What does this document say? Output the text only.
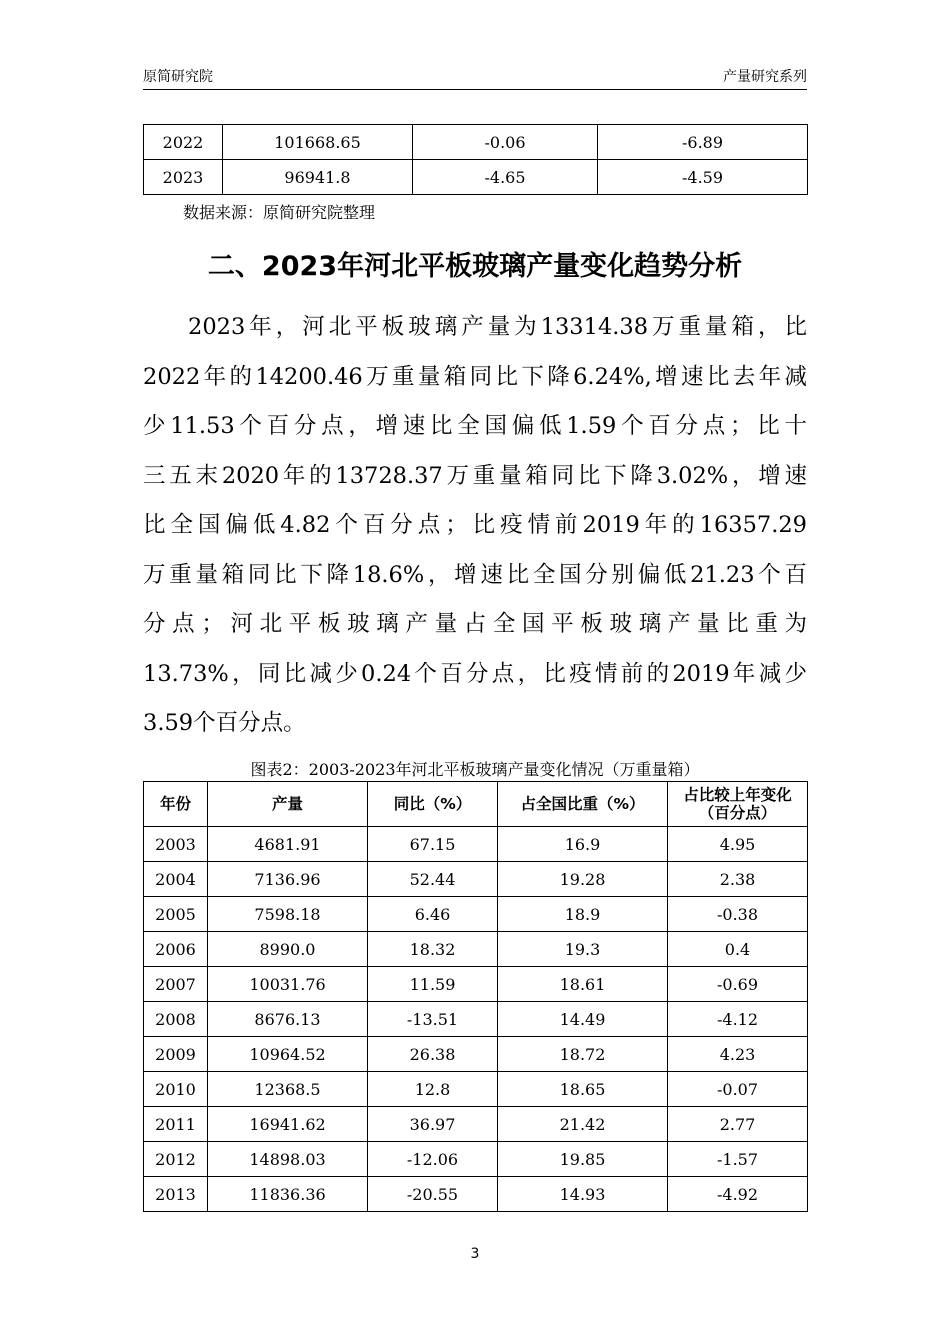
原简研究院	产量研究系列
2022	101668.65	-0.06	-6.89
2023	96941.8	-4.65	-4.59
数据来源：原简研究院整理
二、2023年河北平板玻璃产量变化趋势分析
2023年，河北平板玻璃产量为13314.38万重量箱，比
2022年的14200.46万重量箱同比下降6.24%,增速比去年减
少11.53个百分点，增速比全国偏低1.59个百分点；比十
三五末2020年的13728.37万重量箱同比下降3.02%，增速
比全国偏低4.82个百分点；比疫情前2019年的16357.29
万重量箱同比下降18.6%，增速比全国分别偏低21.23个百
分点；河北平板玻璃产量占全国平板玻璃产量比重为
13.73%，同比减少0.24个百分点，比疫情前的2019年减少
3.59个百分点。
图表2：2003-2023年河北平板玻璃产量变化情况（万重量箱）
年份	产量	同比（%）	占全国比重（%）	占比较上年变化
（百分点）
2003	4681.91	67.15	16.9	4.95
2004	7136.96	52.44	19.28	2.38
2005	7598.18	6.46	18.9	-0.38
2006	8990.0	18.32	19.3	0.4
2007	10031.76	11.59	18.61	-0.69
2008	8676.13	-13.51	14.49	-4.12
2009	10964.52	26.38	18.72	4.23
2010	12368.5	12.8	18.65	-0.07
2011	16941.62	36.97	21.42	2.77
2012	14898.03	-12.06	19.85	-1.57
2013	11836.36	-20.55	14.93	-4.92
3
